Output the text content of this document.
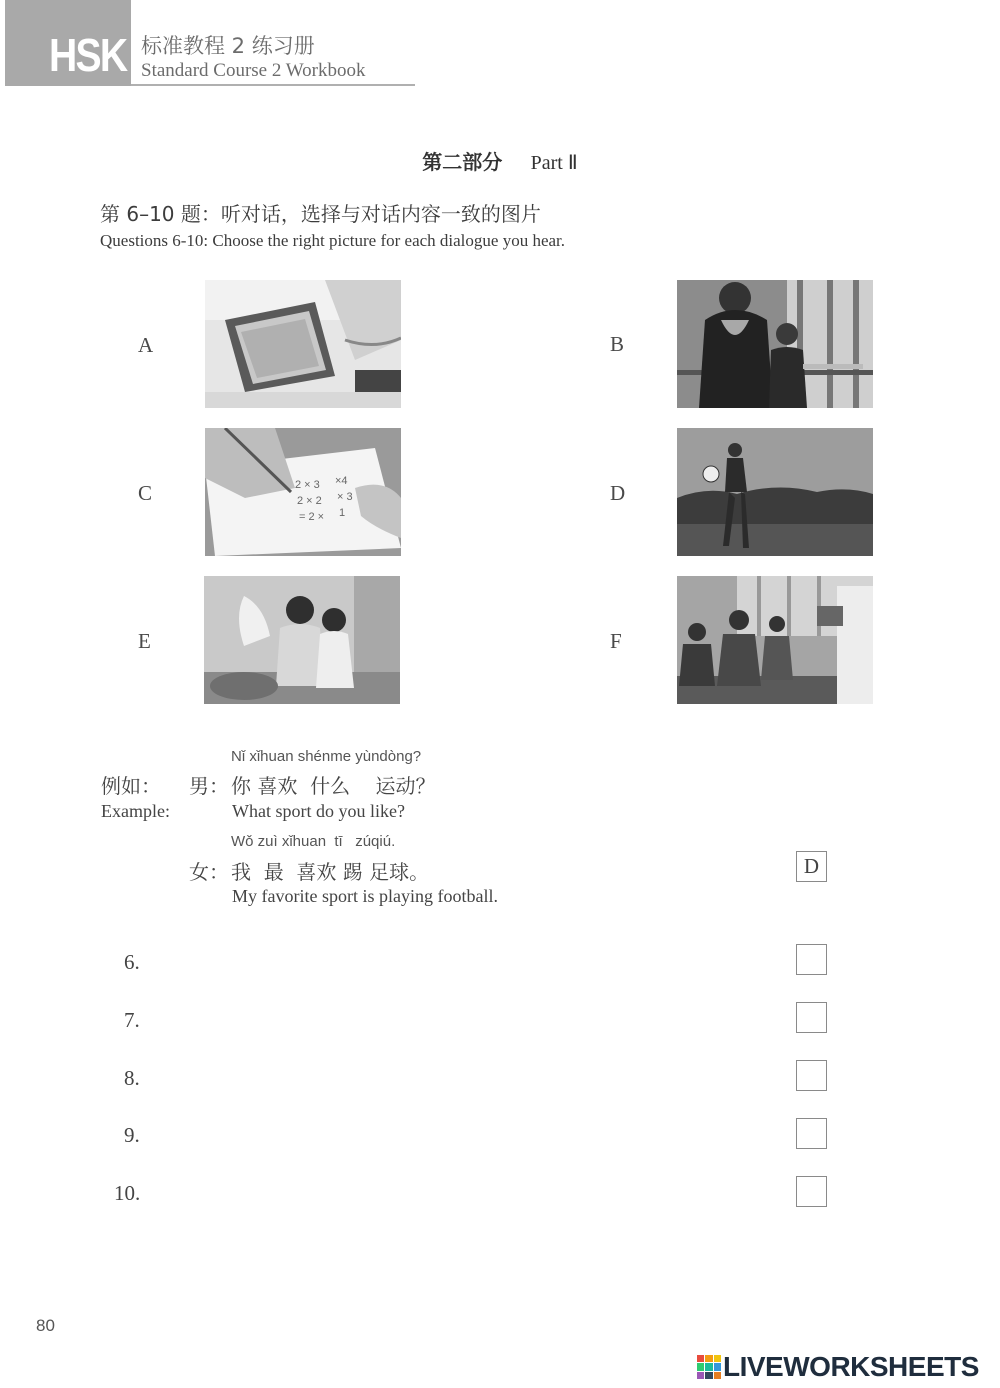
HSK 标准教程 2 练习册
Standard Course 2 Workbook
第二部分 Part Ⅱ
第 6–10 题：听对话，选择与对话内容一致的图片
Questions 6-10: Choose the right picture for each dialogue you hear.
A	B
C	D
E	F
2 × 3 ×4
2 × 2 × 3
= 2 × 1
Nǐ xǐhuan shénme yùndòng?
例如： 男： 你 喜欢  什么    运动？
Example:	What sport do you like?
Wǒ zuì xǐhuan  tī   zúqiú.
女： 我  最  喜欢 踢 足球。
My favorite sport is playing football.
D
6.
7.
8.
9.
10.
80
LIVEWORKSHEETS
